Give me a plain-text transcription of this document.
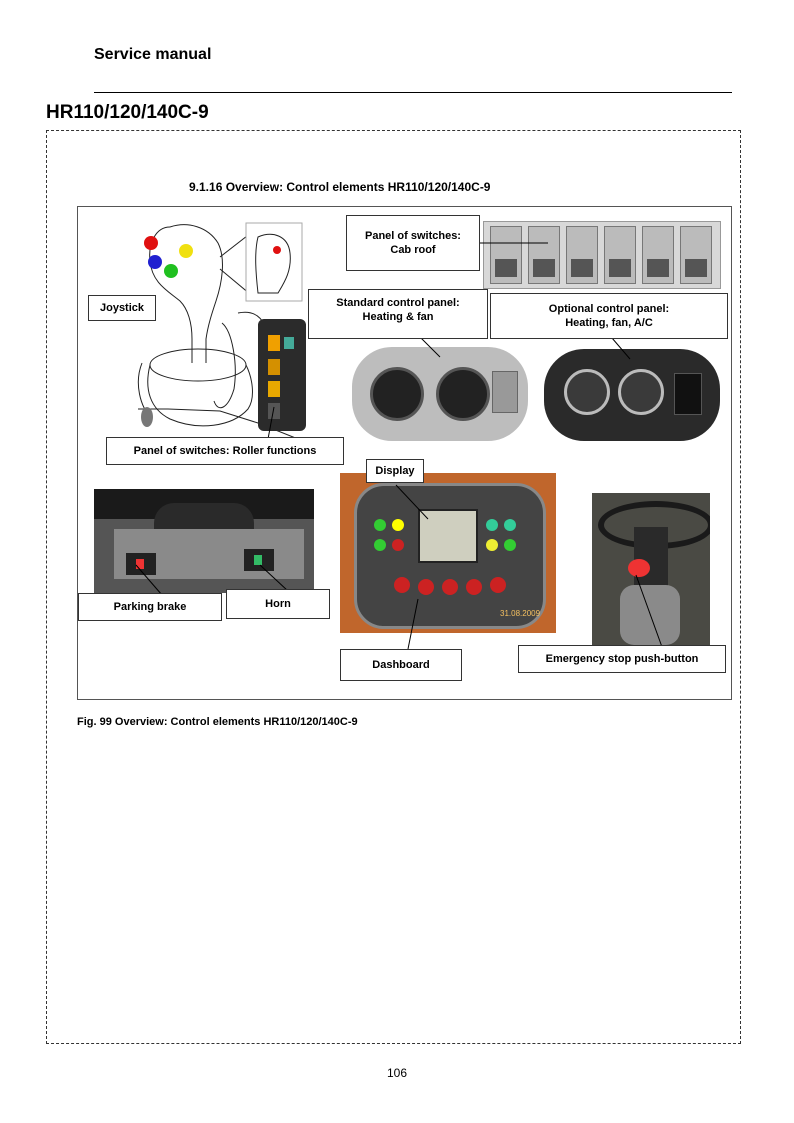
Service manual
HR110/120/140C-9
9.1.16 Overview: Control elements HR110/120/140C-9
31.08.2009
Joystick
Panel of switches:
Cab roof
Standard control panel:
Heating & fan
Optional control panel:
Heating, fan, A/C
Panel of switches: Roller functions
Display
Parking brake	Horn
Dashboard	Emergency stop push-button
Fig. 99 Overview: Control elements HR110/120/140C-9
106
